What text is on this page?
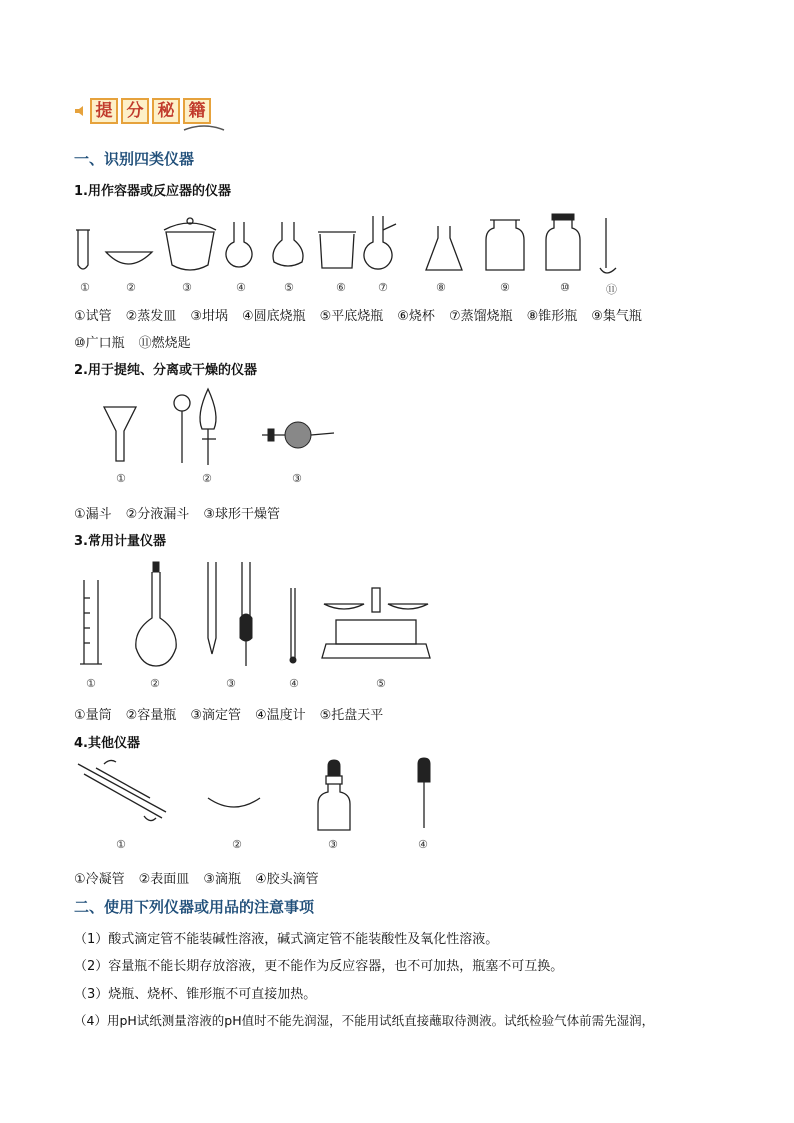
提 分 秘 籍
一、识别四类仪器
1.用作容器或反应器的仪器
①	②	③	④	⑤	⑥	⑦	⑧	⑨	⑩	⑪
①试管 ②蒸发皿 ③坩埚 ④圆底烧瓶 ⑤平底烧瓶 ⑥烧杯 ⑦蒸馏烧瓶 ⑧锥形瓶 ⑨集气瓶
⑩广口瓶 ⑪燃烧匙
2.用于提纯、分离或干燥的仪器
①	②	③
①漏斗 ②分液漏斗 ③球形干燥管
3.常用计量仪器
①	②	③	④	⑤
①量筒 ②容量瓶 ③滴定管 ④温度计 ⑤托盘天平
4.其他仪器
①	②	③	④
①冷凝管 ②表面皿 ③滴瓶 ④胶头滴管
二、使用下列仪器或用品的注意事项
（1）酸式滴定管不能装碱性溶液，碱式滴定管不能装酸性及氧化性溶液。
（2）容量瓶不能长期存放溶液，更不能作为反应容器，也不可加热，瓶塞不可互换。
（3）烧瓶、烧杯、锥形瓶不可直接加热。
（4）用pH试纸测量溶液的pH值时不能先润湿，不能用试纸直接蘸取待测液。试纸检验气体前需先湿润，
